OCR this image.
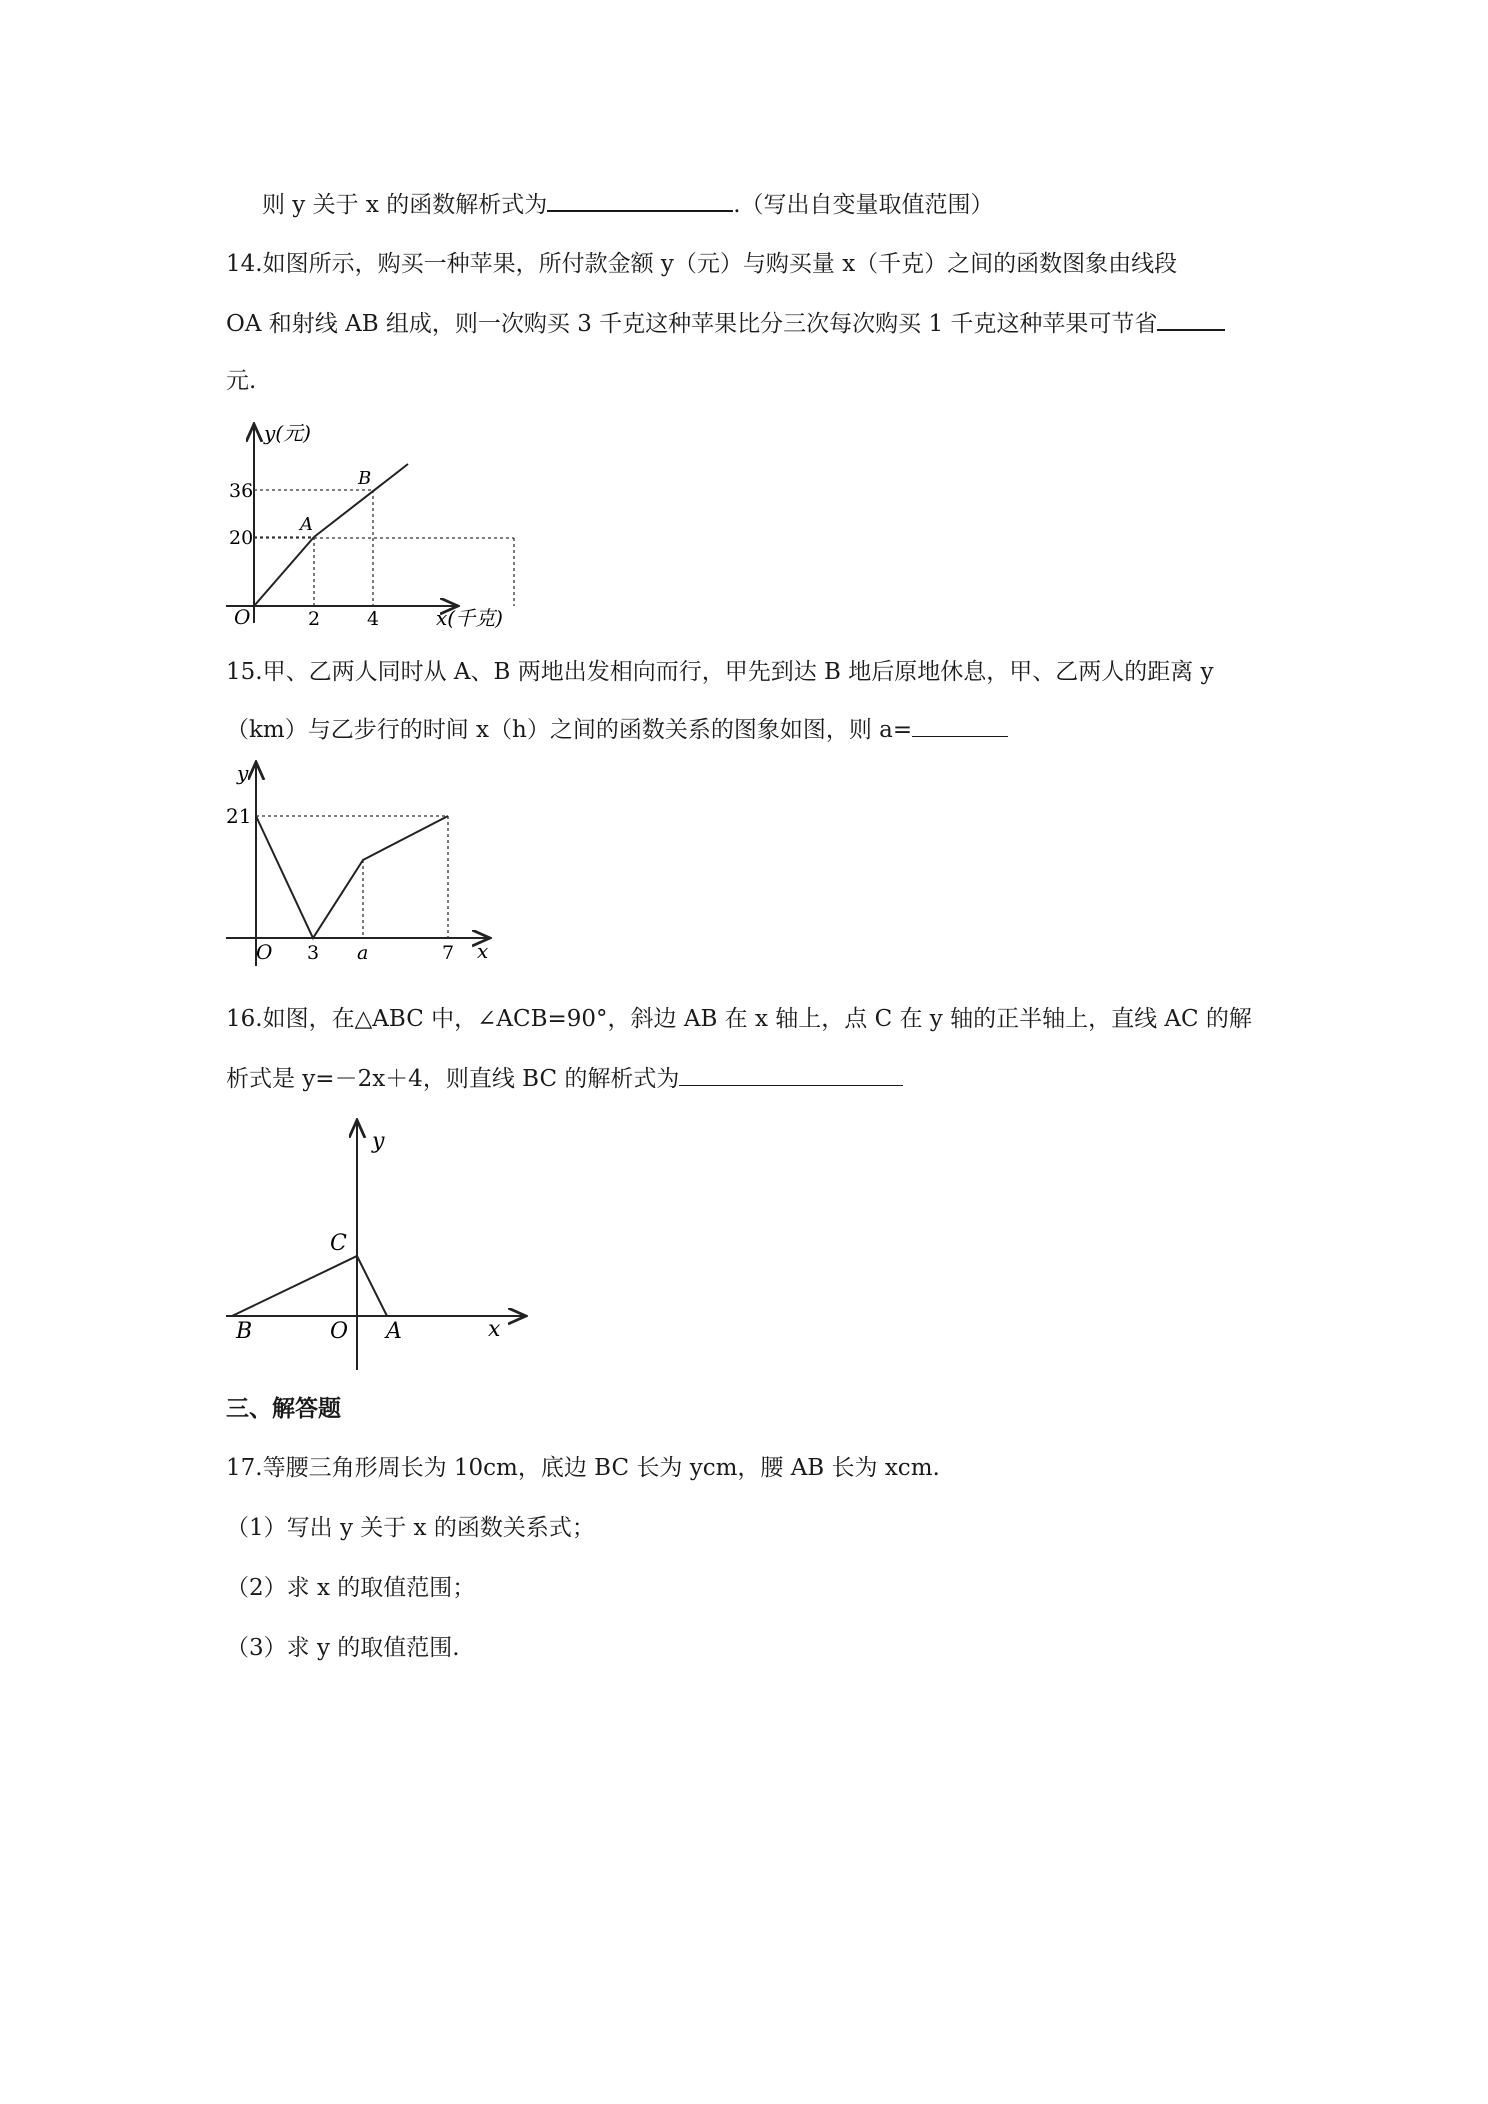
则 y 关于 x 的函数解析式为	.（写出自变量取值范围）
14.如图所示，购买一种苹果，所付款金额 y（元）与购买量 x（千克）之间的函数图象由线段
OA 和射线 AB 组成，则一次购买 3 千克这种苹果比分三次每次购买 1 千克这种苹果可节省
元.
y(元)
x(千克)
O
36
20
2 4
A
B
15.甲、乙两人同时从 A、B 两地出发相向而行，甲先到达 B 地后原地休息，甲、乙两人的距离 y
（km）与乙步行的时间 x（h）之间的函数关系的图象如图，则 a=
y
x
21
O 3 a	7
16.如图，在△ABC 中，∠ACB=90°，斜边 AB 在 x 轴上，点 C 在 y 轴的正半轴上，直线 AC 的解
析式是 y=－2x＋4，则直线 BC 的解析式为
y
x
C
B	O A
三、解答题
17.等腰三角形周长为 10cm，底边 BC 长为 ycm，腰 AB 长为 xcm.
（1）写出 y 关于 x 的函数关系式；
（2）求 x 的取值范围；
（3）求 y 的取值范围.
